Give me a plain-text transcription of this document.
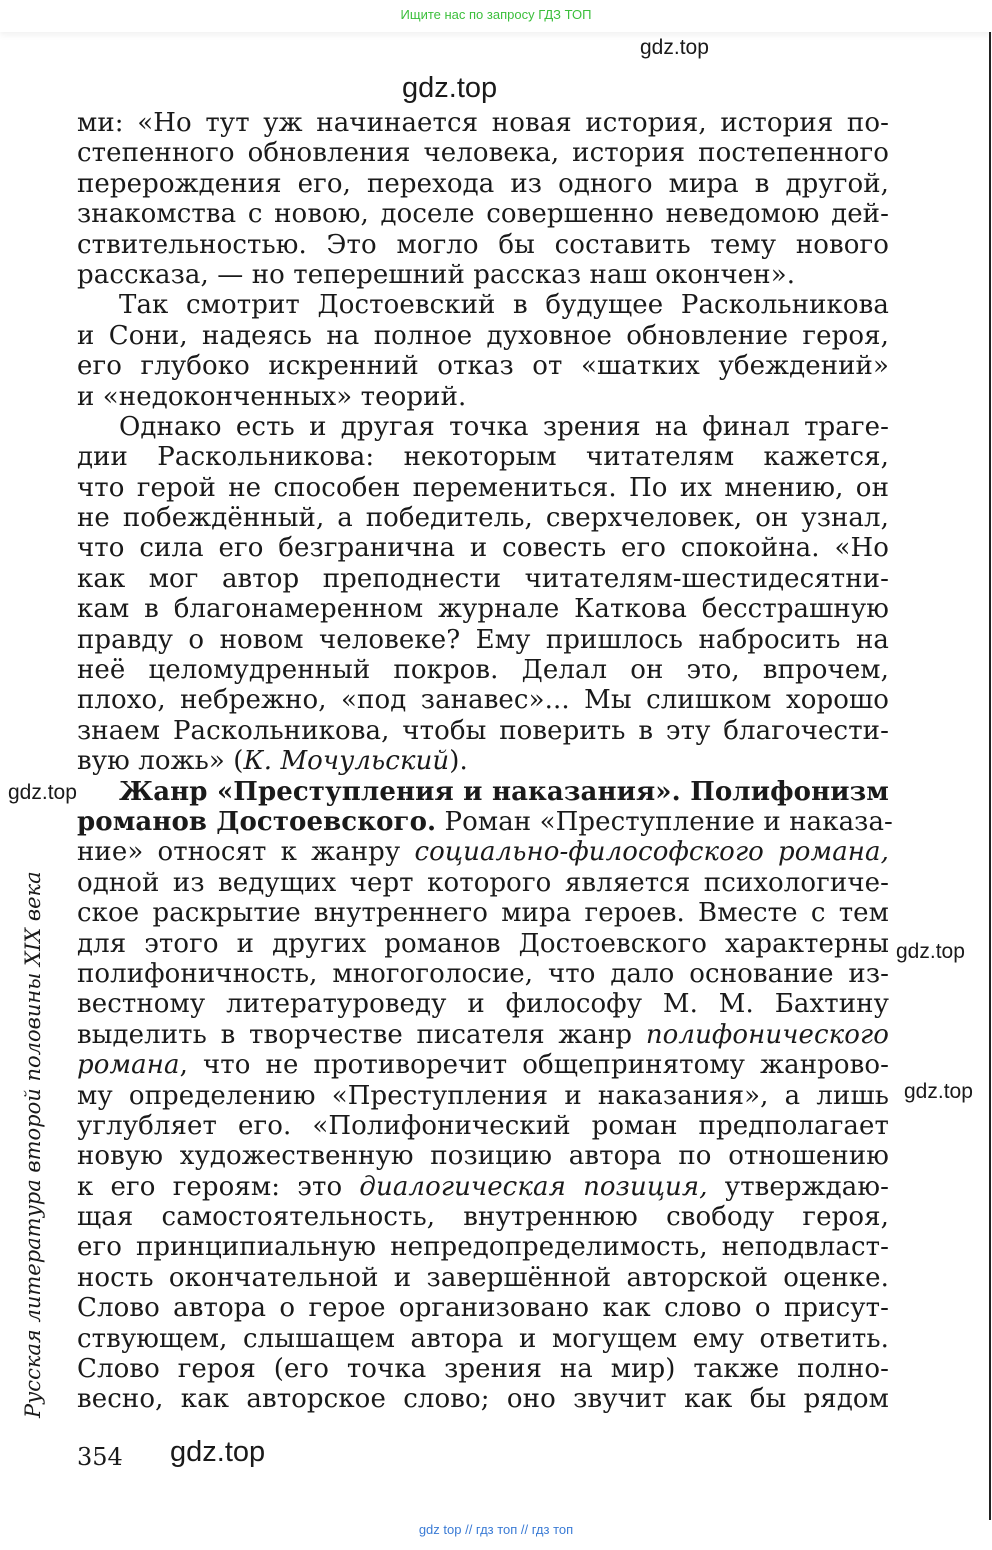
Ищите нас по запросу ГДЗ ТОП
gdz.top
gdz.top
gdz.top
gdz.top
gdz.top
gdz.top
Русская литература второй половины XIX века
ми: «Но тут уж начинается новая история, история по-
степенного обновления человека, история постепенного
перерождения его, перехода из одного мира в другой,
знакомства с новою, доселе совершенно неведомою дей-
ствительностью. Это могло бы составить тему нового
рассказа, — но теперешний рассказ наш окончен».
Так смотрит Достоевский в будущее Раскольникова
и Сони, надеясь на полное духовное обновление героя,
его глубоко искренний отказ от «шатких убеждений»
и «недоконченных» теорий.
Однако есть и другая точка зрения на финал траге-
дии Раскольникова: некоторым читателям кажется,
что герой не способен перемениться. По их мнению, он
не побеждённый, а победитель, сверхчеловек, он узнал,
что сила его безгранична и совесть его спокойна. «Но
как мог автор преподнести читателям-шестидесятни-
кам в благонамеренном журнале Каткова бесстрашную
правду о новом человеке? Ему пришлось набросить на
неё целомудренный покров. Делал он это, впрочем,
плохо, небрежно, «под занавес»... Мы слишком хорошо
знаем Раскольникова, чтобы поверить в эту благочести-
вую ложь» (К. Мочульский).
Жанр «Преступления и наказания». Полифонизм
романов Достоевского. Роман «Преступление и наказа-
ние» относят к жанру социально-философского романа,
одной из ведущих черт которого является психологиче-
ское раскрытие внутреннего мира героев. Вместе с тем
для этого и других романов Достоевского характерны
полифоничность, многоголосие, что дало основание из-
вестному литературоведу и философу М. М. Бахтину
выделить в творчестве писателя жанр полифонического
романа, что не противоречит общепринятому жанрово-
му определению «Преступления и наказания», а лишь
углубляет его. «Полифонический роман предполагает
новую художественную позицию автора по отношению
к его героям: это диалогическая позиция, утверждаю-
щая самостоятельность, внутреннюю свободу героя,
его принципиальную непредопределимость, неподвласт-
ность окончательной и завершённой авторской оценке.
Слово автора о герое организовано как слово о присут-
ствующем, слышащем автора и могущем ему ответить.
Слово героя (его точка зрения на мир) также полно-
весно, как авторское слово; оно звучит как бы рядом
354
gdz top // гдз топ // гдз топ
